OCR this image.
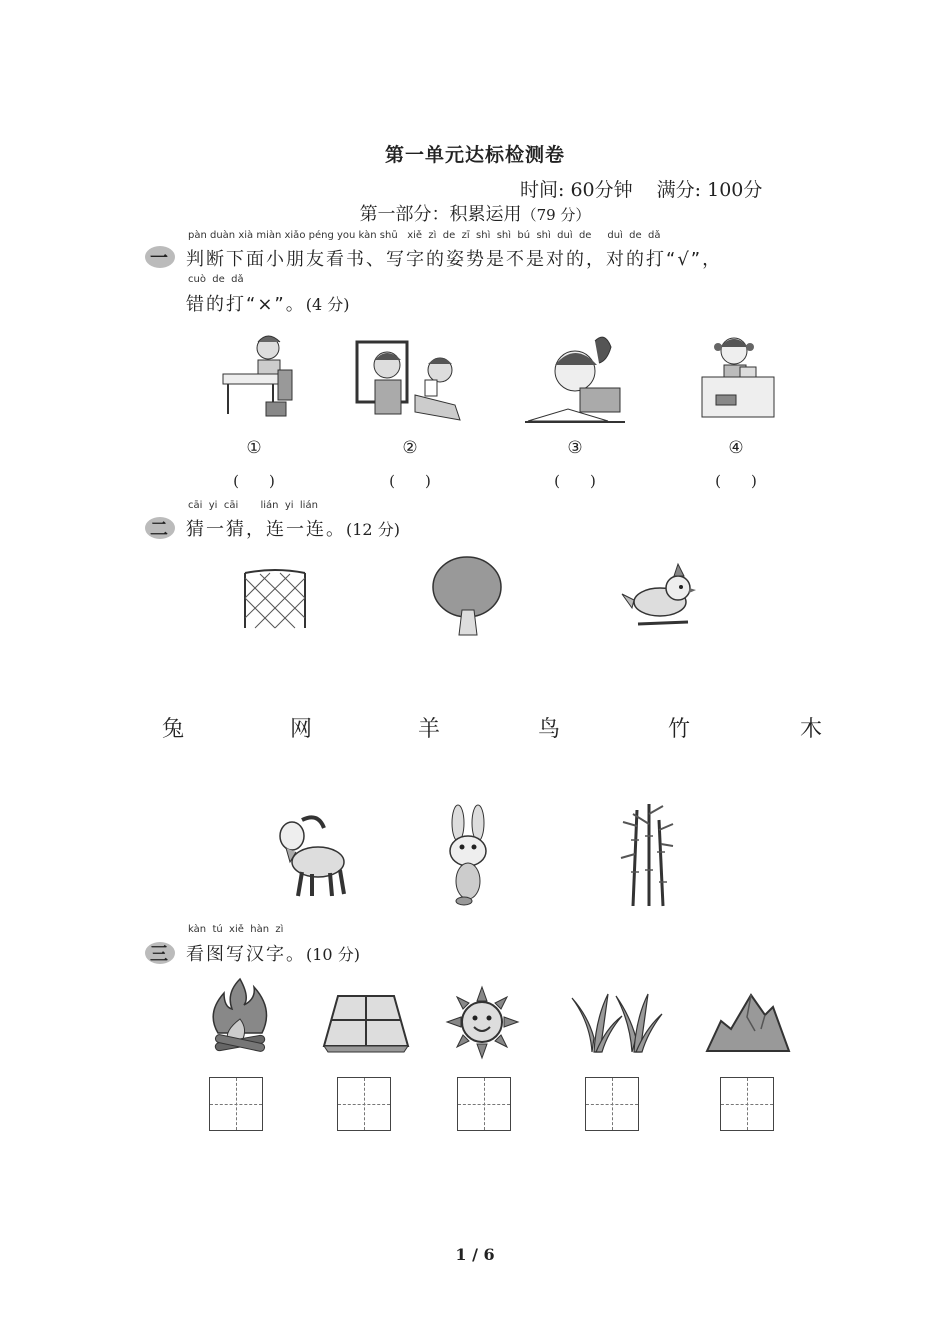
第一单元达标检测卷
时间: 60分钟 满分: 100分
第一部分：积累运用（79 分）
一
pàn duàn xià miàn xiǎo péng you kàn shū   xiě  zì  de  zī  shì  shì  bú  shì  duì  de     duì  de  dǎ
判断下面小朋友看书、写字的姿势是不是对的，对的打“√”，
cuò  de  dǎ
错的打“×”。(4 分)
①	②	③	④
(　　)	(　　)	(　　)	(　　)
二
cāi  yi  cāi       lián  yi  lián
猜一猜，连一连。(12 分)
兔	网	羊	鸟	竹	木
三
kàn  tú  xiě  hàn  zì
看图写汉字。(10 分)
1 / 6
